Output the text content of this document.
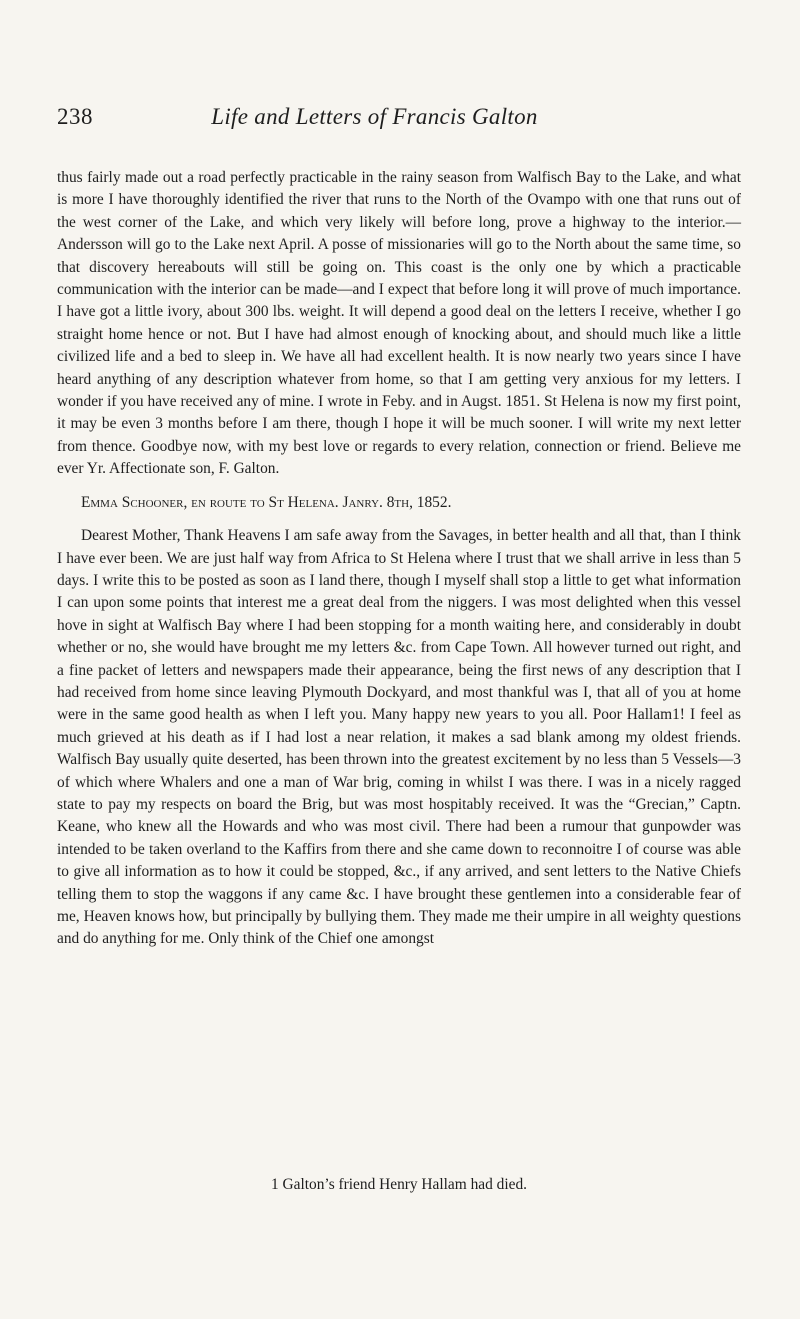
238	Life and Letters of Francis Galton

thus fairly made out a road perfectly practicable in the rainy season from Walfisch Bay to the Lake, and what is more I have thoroughly identified the river that runs to the North of the Ovampo with one that runs out of the west corner of the Lake, and which very likely will before long, prove a highway to the interior.—Andersson will go to the Lake next April. A posse of missionaries will go to the North about the same time, so that discovery hereabouts will still be going on. This coast is the only one by which a practicable communication with the interior can be made—and I expect that before long it will prove of much importance. I have got a little ivory, about 300 lbs. weight. It will depend a good deal on the letters I receive, whether I go straight home hence or not. But I have had almost enough of knocking about, and should much like a little civilized life and a bed to sleep in. We have all had excellent health. It is now nearly two years since I have heard anything of any description whatever from home, so that I am getting very anxious for my letters. I wonder if you have received any of mine. I wrote in Feby. and in Augst. 1851. St Helena is now my first point, it may be even 3 months before I am there, though I hope it will be much sooner. I will write my next letter from thence. Goodbye now, with my best love or regards to every relation, connection or friend. Believe me ever Yr. Affectionate son, F. Galton.

Emma Schooner, en route to St Helena. Janry. 8th, 1852.

Dearest Mother, Thank Heavens I am safe away from the Savages, in better health and all that, than I think I have ever been. We are just half way from Africa to St Helena where I trust that we shall arrive in less than 5 days. I write this to be posted as soon as I land there, though I myself shall stop a little to get what information I can upon some points that interest me a great deal from the niggers. I was most delighted when this vessel hove in sight at Walfisch Bay where I had been stopping for a month waiting here, and considerably in doubt whether or no, she would have brought me my letters &c. from Cape Town. All however turned out right, and a fine packet of letters and newspapers made their appearance, being the first news of any description that I had received from home since leaving Plymouth Dockyard, and most thankful was I, that all of you at home were in the same good health as when I left you. Many happy new years to you all. Poor Hallam1! I feel as much grieved at his death as if I had lost a near relation, it makes a sad blank among my oldest friends. Walfisch Bay usually quite deserted, has been thrown into the greatest excitement by no less than 5 Vessels—3 of which where Whalers and one a man of War brig, coming in whilst I was there. I was in a nicely ragged state to pay my respects on board the Brig, but was most hospitably received. It was the “Grecian,” Captn. Keane, who knew all the Howards and who was most civil. There had been a rumour that gunpowder was intended to be taken overland to the Kaffirs from there and she came down to reconnoitre I of course was able to give all information as to how it could be stopped, &c., if any arrived, and sent letters to the Native Chiefs telling them to stop the waggons if any came &c. I have brought these gentlemen into a considerable fear of me, Heaven knows how, but principally by bullying them. They made me their umpire in all weighty questions and do anything for me. Only think of the Chief one amongst

1 Galton’s friend Henry Hallam had died.
